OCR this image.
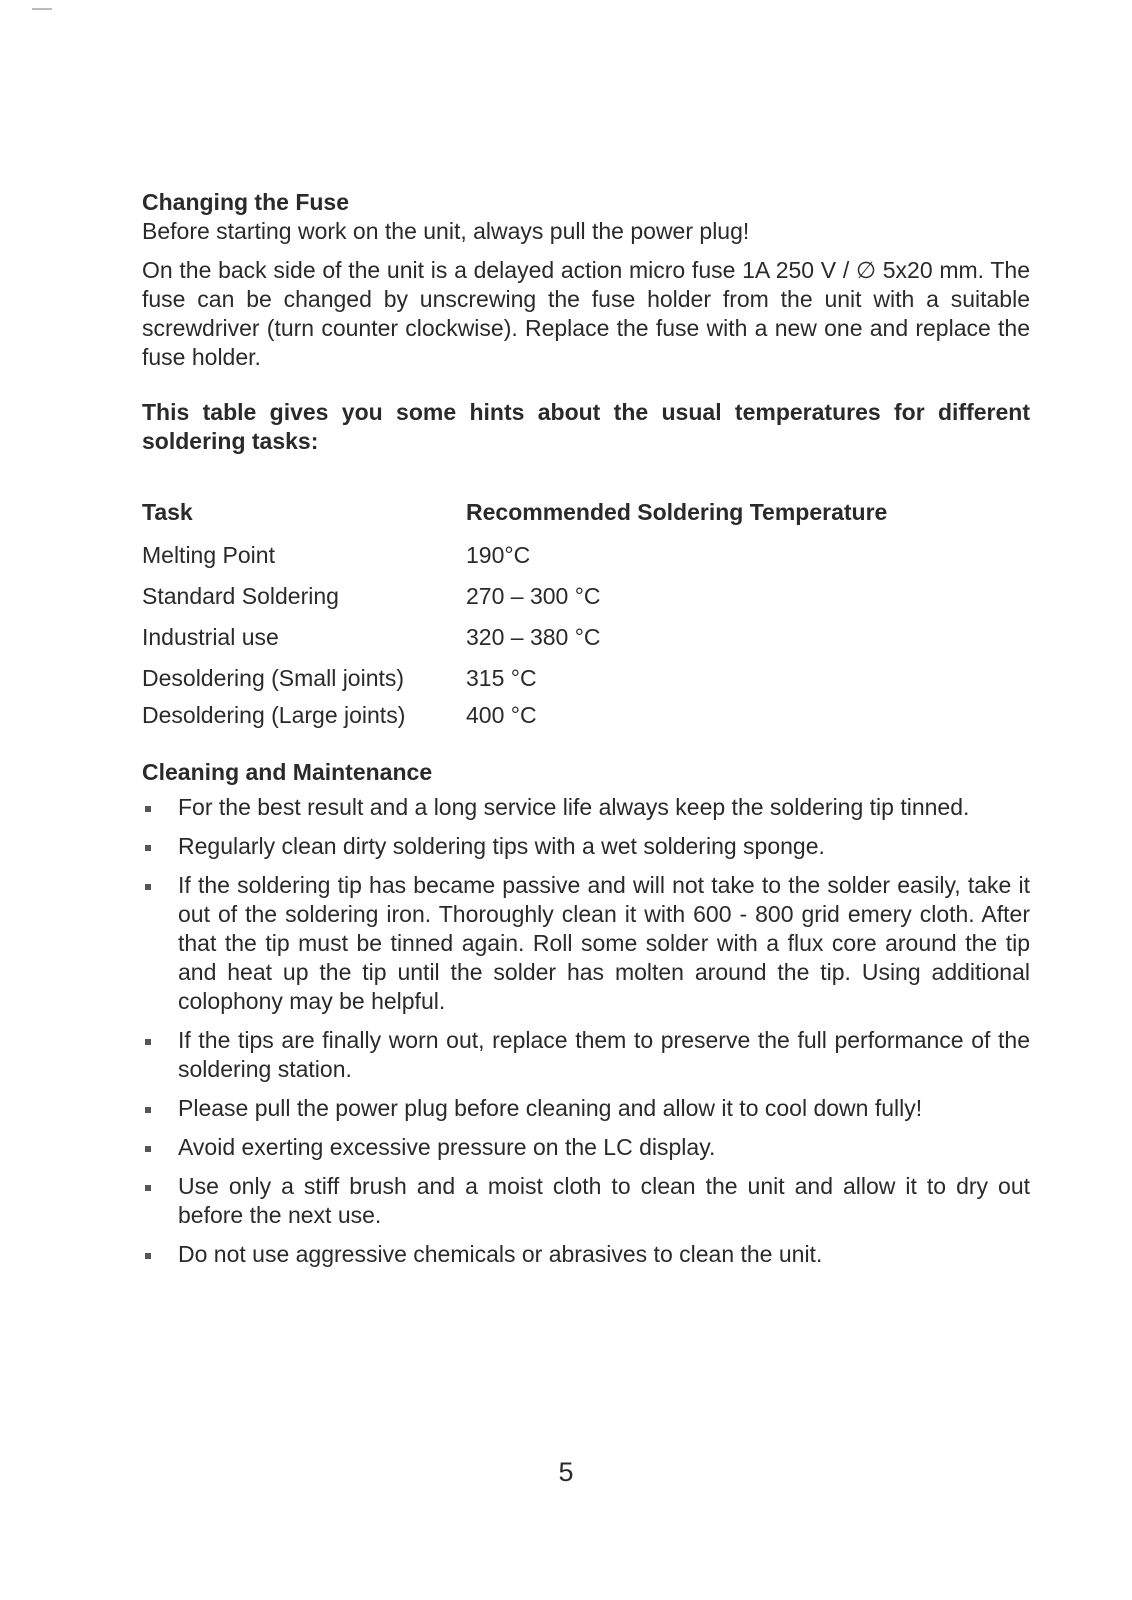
Changing the Fuse

Before starting work on the unit, always pull the power plug!

On the back side of the unit is a delayed action micro fuse 1A 250 V / ∅ 5x20 mm. The fuse can be changed by unscrewing the fuse holder from the unit with a suitable screwdriver (turn counter clockwise). Replace the fuse with a new one and replace the fuse holder.

This table gives you some hints about the usual temperatures for different soldering tasks:

Task	Recommended Soldering Temperature
Melting Point	190°C
Standard Soldering	270 – 300 °C
Industrial use	320 – 380 °C
Desoldering (Small joints)	315 °C
Desoldering (Large joints)	400 °C

Cleaning and Maintenance

For the best result and a long service life always keep the soldering tip tinned.
Regularly clean dirty soldering tips with a wet soldering sponge.
If the soldering tip has became passive and will not take to the solder easily, take it out of the soldering iron. Thoroughly clean it with 600 - 800 grid emery cloth. After that the tip must be tinned again. Roll some solder with a flux core around the tip and heat up the tip until the solder has molten around the tip. Using additional colophony may be helpful.
If the tips are finally worn out, replace them to preserve the full performance of the soldering station.
Please pull the power plug before cleaning and allow it to cool down fully!
Avoid exerting excessive pressure on the LC display.
Use only a stiff brush and a moist cloth to clean the unit and allow it to dry out before the next use.
Do not use aggressive chemicals or abrasives to clean the unit.
5
